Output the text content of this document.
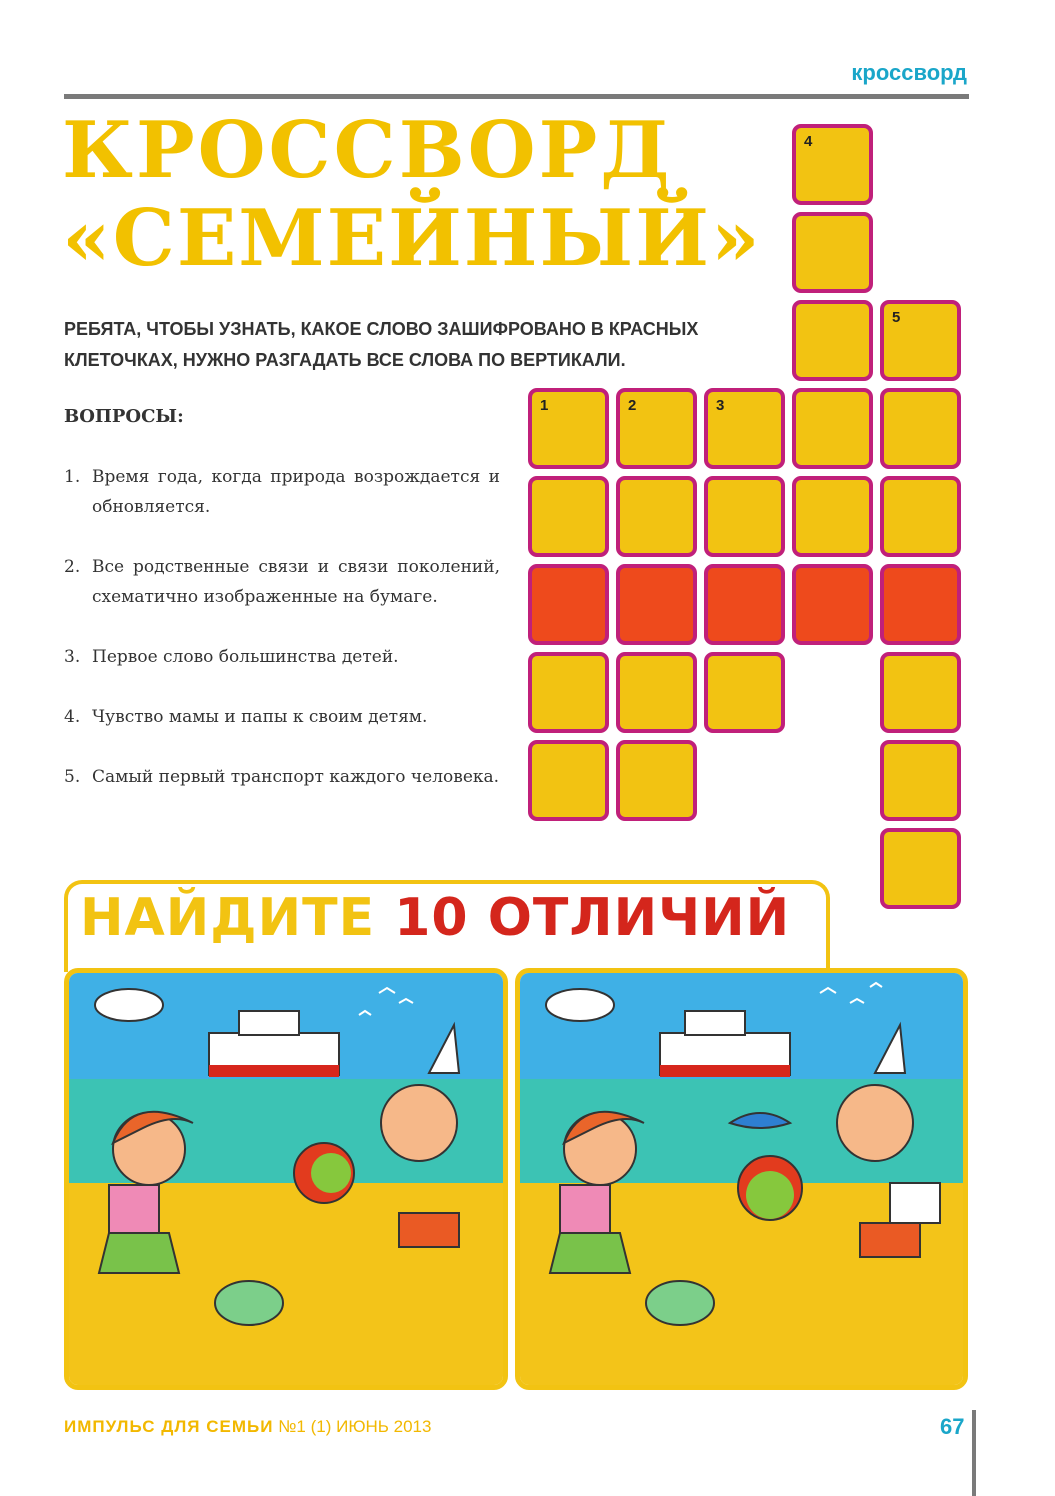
кроссворд
КРОССВОРД
«СЕМЕЙНЫЙ»
РЕБЯТА, ЧТОБЫ УЗНАТЬ, КАКОЕ СЛОВО ЗАШИФРОВАНО В КРАСНЫХ
КЛЕТОЧКАХ, НУЖНО РАЗГАДАТЬ ВСЕ СЛОВА ПО ВЕРТИКАЛИ.
ВОПРОСЫ:
1. Время года, когда природа возрождается и обновляется.
2. Все родственные связи и связи поколений, схематично изображенные на бумаге.
3. Первое слово большинства детей.
4. Чувство мамы и папы к своим детям.
5. Самый первый транспорт каждого человека.
1	2	3
4
5
НАЙДИТЕ 10 ОТЛИЧИЙ
ИМПУЛЬС ДЛЯ СЕМЬИ №1 (1) ИЮНЬ 2013	67
